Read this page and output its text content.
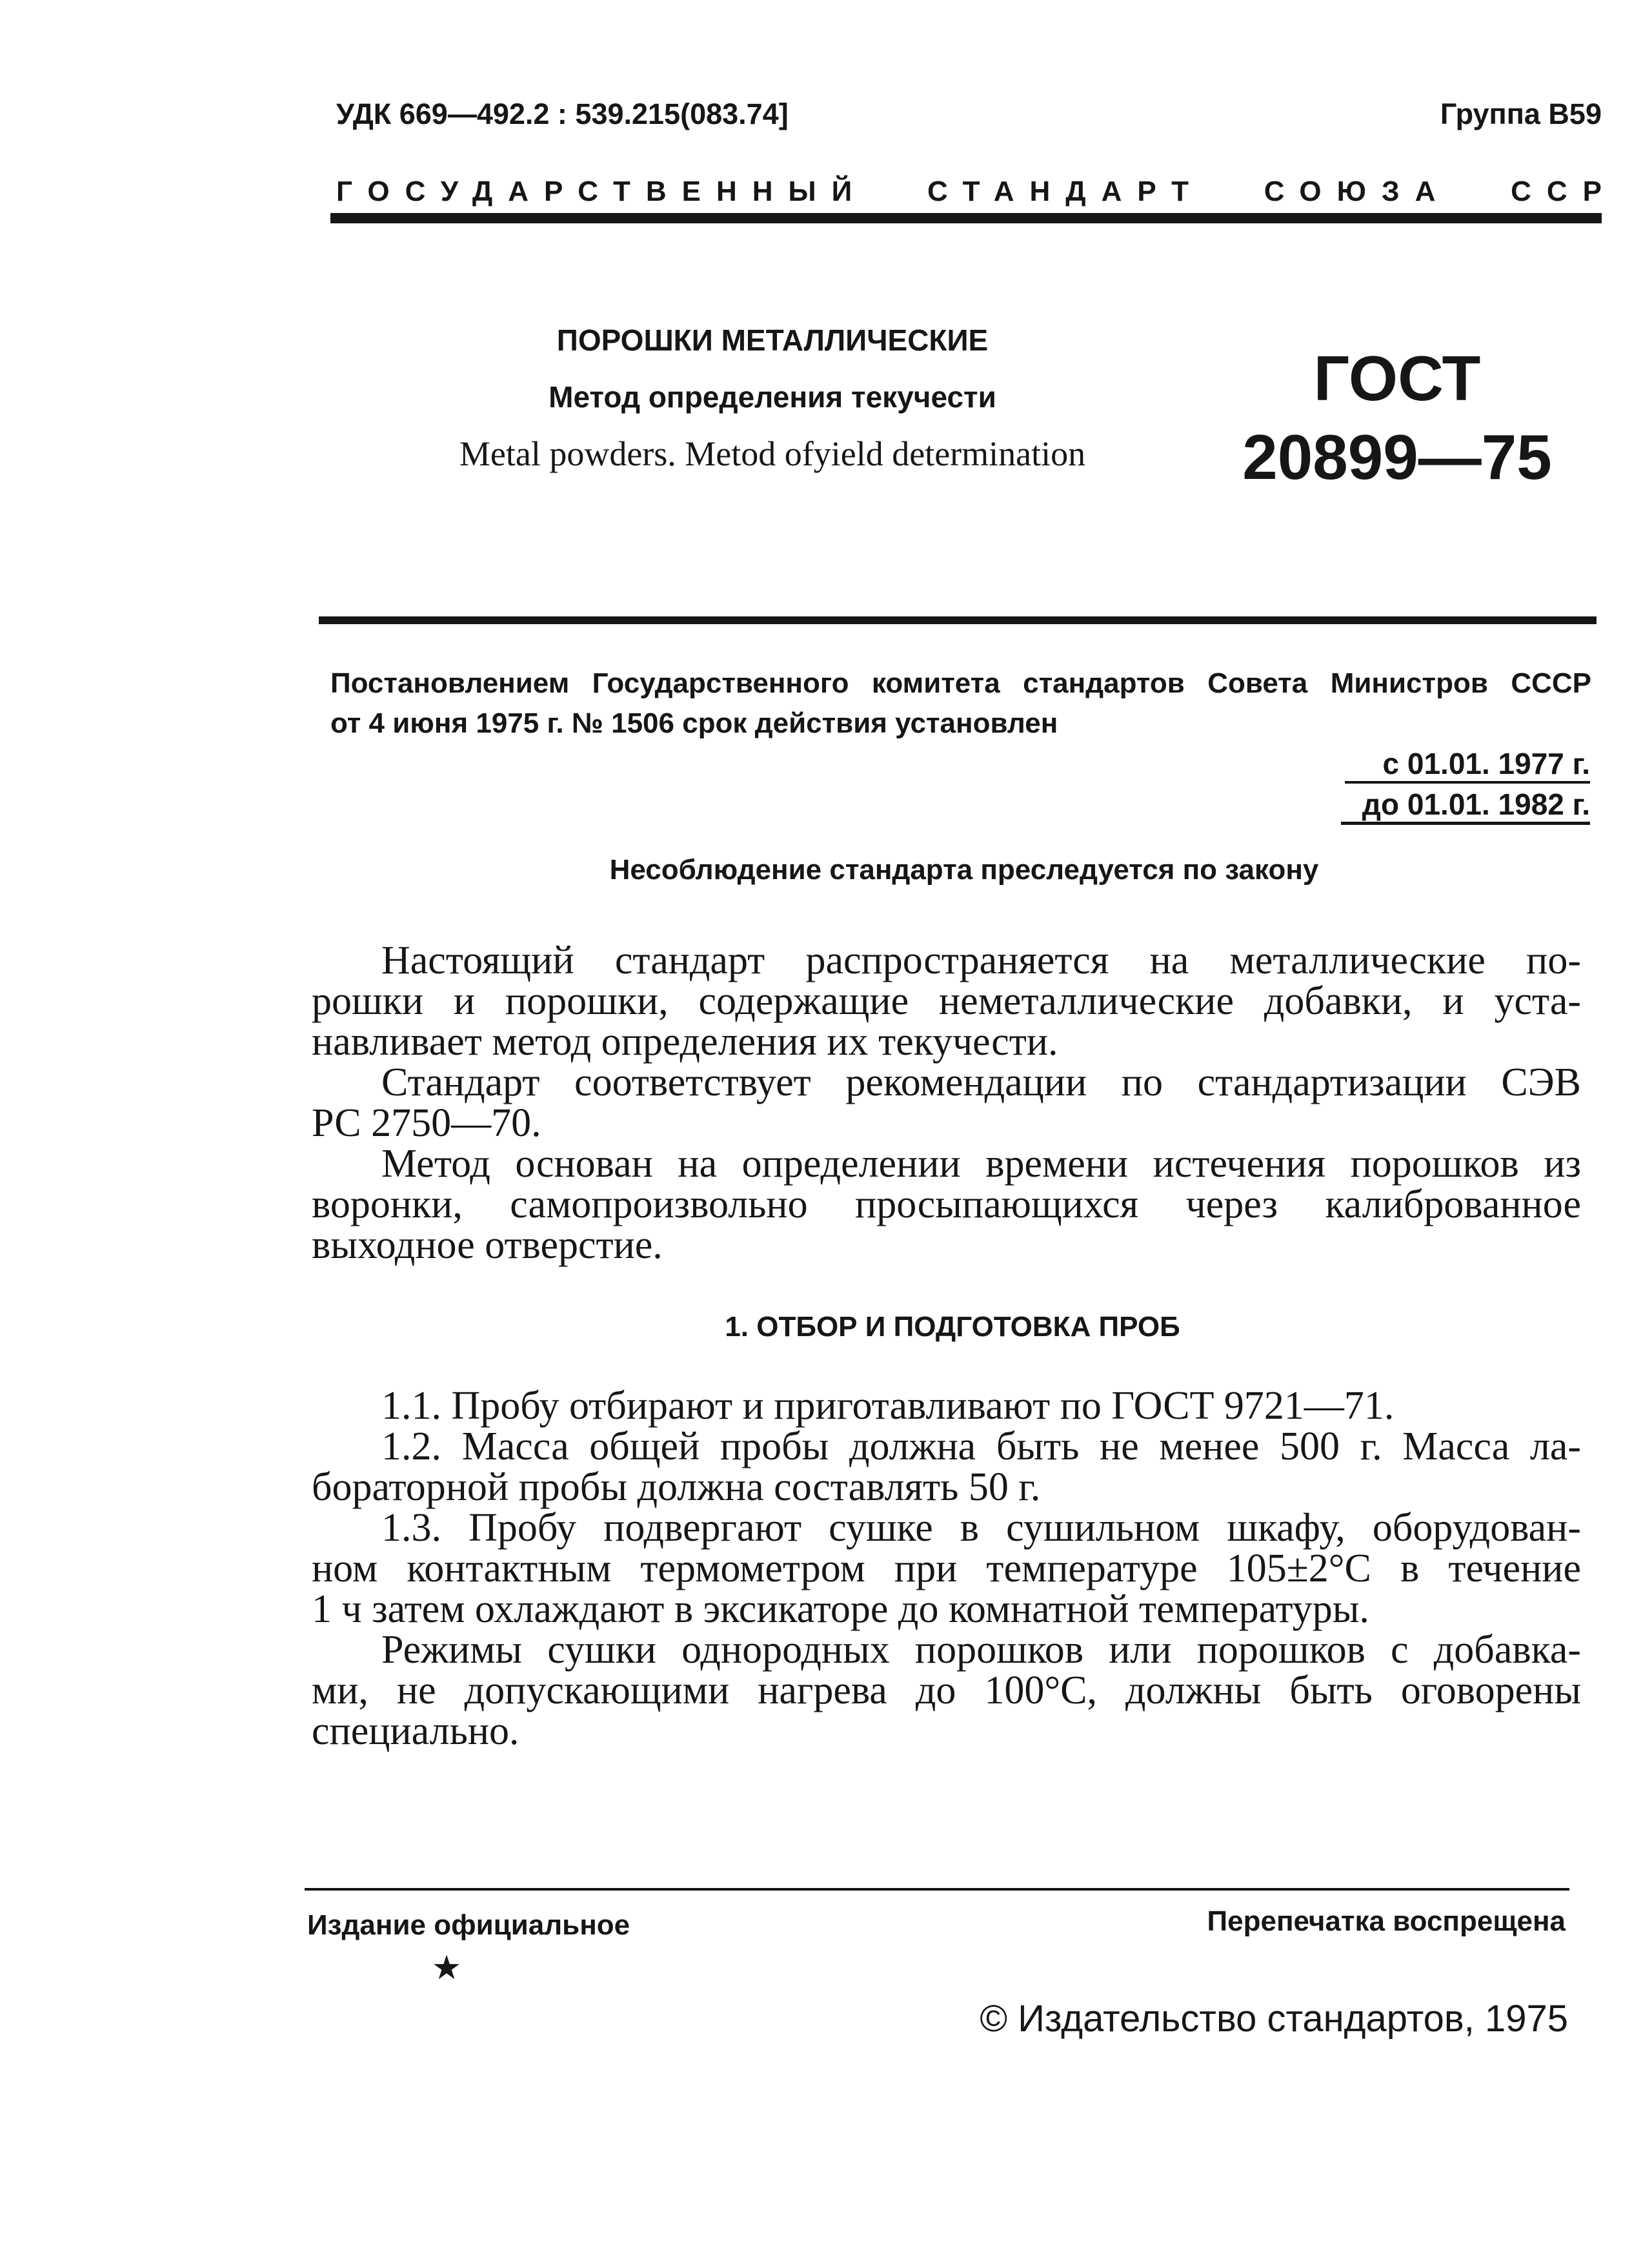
УДК 669—492.2 : 539.215(083.74]	Группа В59
ГОСУДАРСТВЕННЫЙ СТАНДАРТ СОЮЗА ССР
ПОРОШКИ МЕТАЛЛИЧЕСКИЕ
Метод определения текучести
Metal powders. Metod ofyield determination
ГОСТ
20899—75
Постановлением Государственного комитета стандартов Совета Министров СССР
от 4 июня 1975 г. № 1506 срок действия установлен
с 01.01. 1977 г.
до 01.01. 1982 г.
Несоблюдение стандарта преследуется по закону
Настоящий стандарт распространяется на металлические по-
рошки и порошки, содержащие неметаллические добавки, и уста-
навливает метод определения их текучести.
Стандарт соответствует рекомендации по стандартизации СЭВ
РС 2750—70.
Метод основан на определении времени истечения порошков из
воронки, самопроизвольно просыпающихся через калиброванное
выходное отверстие.
1. ОТБОР И ПОДГОТОВКА ПРОБ
1.1. Пробу отбирают и приготавливают по ГОСТ 9721—71.
1.2. Масса общей пробы должна быть не менее 500 г. Масса ла-
бораторной пробы должна составлять 50 г.
1.3. Пробу подвергают сушке в сушильном шкафу, оборудован-
ном контактным термометром при температуре 105±2°С в течение
1 ч затем охлаждают в эксикаторе до комнатной температуры.
Режимы сушки однородных порошков или порошков с добавка-
ми, не допускающими нагрева до 100°С, должны быть оговорены
специально.
Издание официальное	Перепечатка воспрещена
★
© Издательство стандартов, 1975
